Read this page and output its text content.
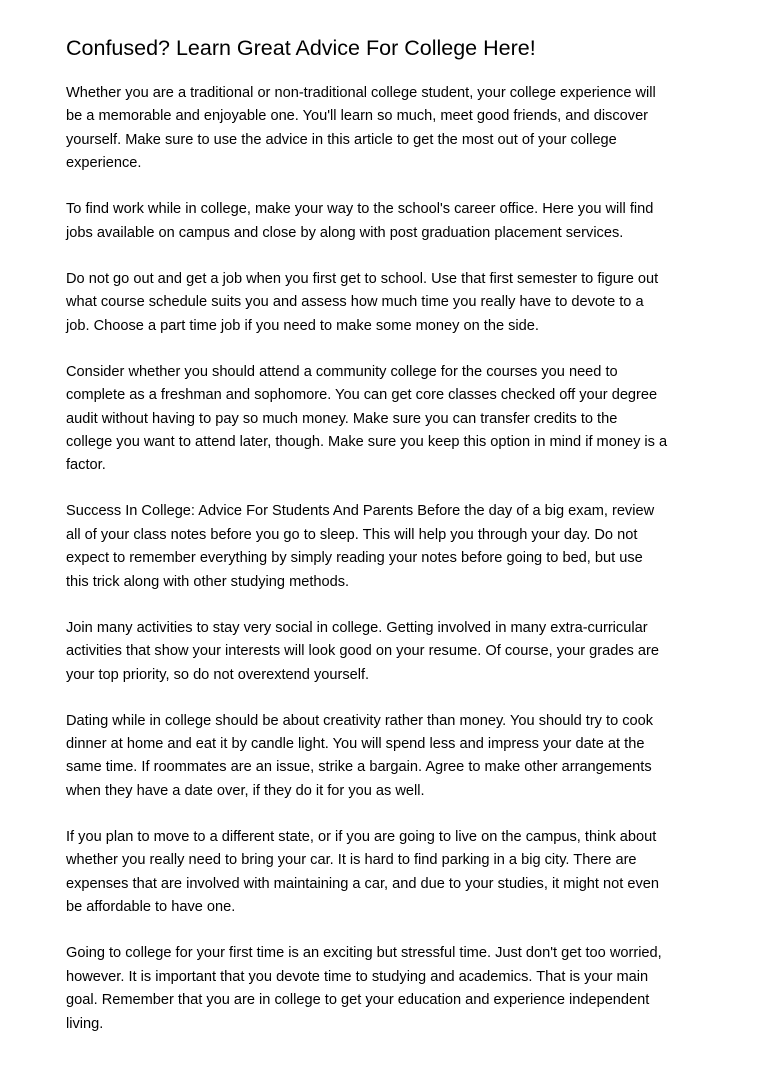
Confused? Learn Great Advice For College Here!

Whether you are a traditional or non-traditional college student, your college experience will
be a memorable and enjoyable one. You'll learn so much, meet good friends, and discover
yourself. Make sure to use the advice in this article to get the most out of your college
experience.

To find work while in college, make your way to the school's career office. Here you will find
jobs available on campus and close by along with post graduation placement services.

Do not go out and get a job when you first get to school. Use that first semester to figure out
what course schedule suits you and assess how much time you really have to devote to a
job. Choose a part time job if you need to make some money on the side.

Consider whether you should attend a community college for the courses you need to
complete as a freshman and sophomore. You can get core classes checked off your degree
audit without having to pay so much money. Make sure you can transfer credits to the
college you want to attend later, though. Make sure you keep this option in mind if money is a
factor.

Success In College: Advice For Students And Parents Before the day of a big exam, review
all of your class notes before you go to sleep. This will help you through your day. Do not
expect to remember everything by simply reading your notes before going to bed, but use
this trick along with other studying methods.

Join many activities to stay very social in college. Getting involved in many extra-curricular
activities that show your interests will look good on your resume. Of course, your grades are
your top priority, so do not overextend yourself.

Dating while in college should be about creativity rather than money. You should try to cook
dinner at home and eat it by candle light. You will spend less and impress your date at the
same time. If roommates are an issue, strike a bargain. Agree to make other arrangements
when they have a date over, if they do it for you as well.

If you plan to move to a different state, or if you are going to live on the campus, think about
whether you really need to bring your car. It is hard to find parking in a big city. There are
expenses that are involved with maintaining a car, and due to your studies, it might not even
be affordable to have one.

Going to college for your first time is an exciting but stressful time. Just don't get too worried,
however. It is important that you devote time to studying and academics. That is your main
goal. Remember that you are in college to get your education and experience independent
living.
